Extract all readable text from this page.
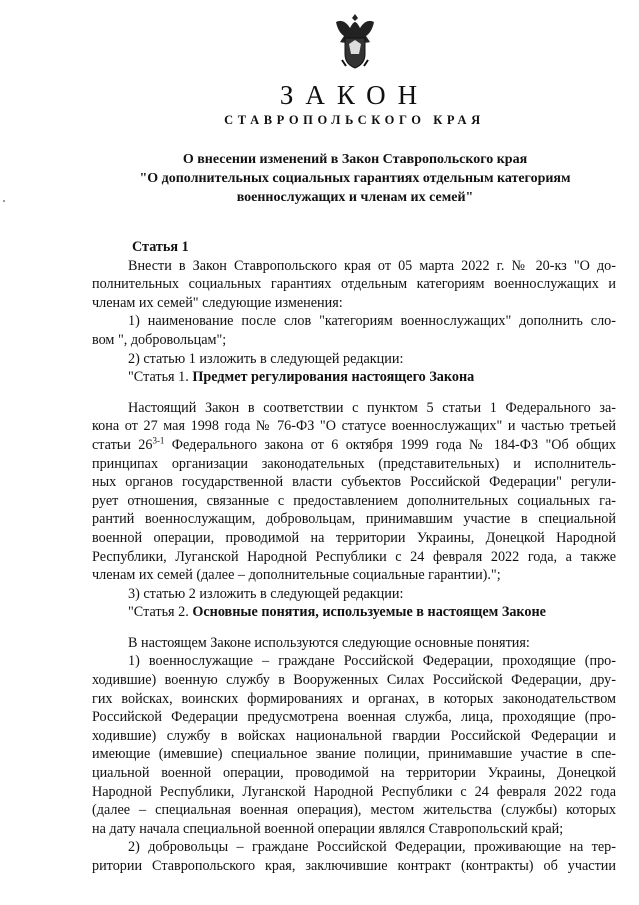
ЗАКОН
СТАВРОПОЛЬСКОГО КРАЯ
О внесении изменений в Закон Ставропольского края
"О дополнительных социальных гарантиях отдельным категориям
военнослужащих и членам их семей"
Статья 1
Внести в Закон Ставропольского края от 05 марта 2022 г. № 20-кз "О до-
полнительных социальных гарантиях отдельным категориям военнослужащих и
членам их семей" следующие изменения:
1) наименование после слов "категориям военнослужащих" дополнить сло-
вом ", добровольцам";
2) статью 1 изложить в следующей редакции:
"Статья 1. Предмет регулирования настоящего Закона
Настоящий Закон в соответствии с пунктом 5 статьи 1 Федерального за-
кона от 27 мая 1998 года № 76-ФЗ "О статусе военнослужащих" и частью третьей
статьи 26$^{3-1}$ Федерального закона от 6 октября 1999 года № 184-ФЗ "Об общих
принципах организации законодательных (представительных) и исполнитель-
ных органов государственной власти субъектов Российской Федерации" регули-
рует отношения, связанные с предоставлением дополнительных социальных га-
рантий военнослужащим, добровольцам, принимавшим участие в специальной
военной операции, проводимой на территории Украины, Донецкой Народной
Республики, Луганской Народной Республики с 24 февраля 2022 года, а также
членам их семей (далее – дополнительные социальные гарантии).";
3) статью 2 изложить в следующей редакции:
"Статья 2. Основные понятия, используемые в настоящем Законе
В настоящем Законе используются следующие основные понятия:
1) военнослужащие – граждане Российской Федерации, проходящие (про-
ходившие) военную службу в Вооруженных Силах Российской Федерации, дру-
гих войсках, воинских формированиях и органах, в которых законодательством
Российской Федерации предусмотрена военная служба, лица, проходящие (про-
ходившие) службу в войсках национальной гвардии Российской Федерации и
имеющие (имевшие) специальное звание полиции, принимавшие участие в спе-
циальной военной операции, проводимой на территории Украины, Донецкой
Народной Республики, Луганской Народной Республики с 24 февраля 2022 года
(далее – специальная военная операция), местом жительства (службы) которых
на дату начала специальной военной операции являлся Ставропольский край;
2) добровольцы – граждане Российской Федерации, проживающие на тер-
ритории Ставропольского края, заключившие контракт (контракты) об участии
